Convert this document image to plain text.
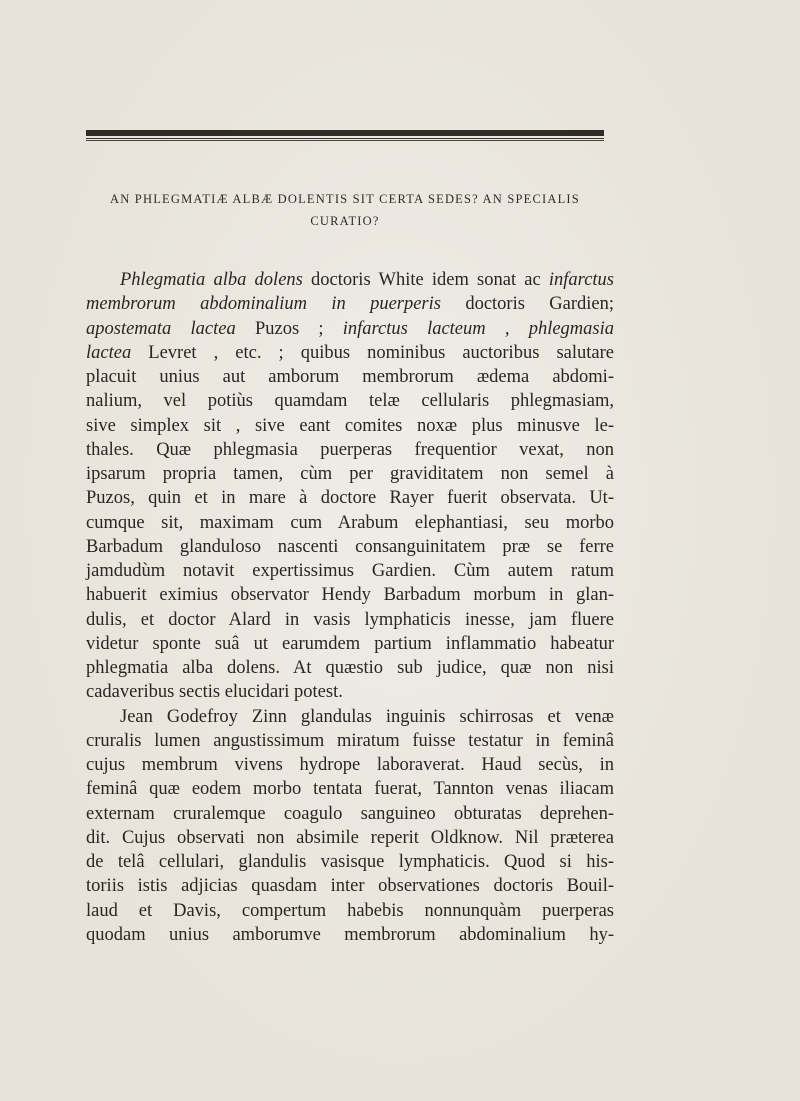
AN PHLEGMATIÆ ALBÆ DOLENTIS SIT CERTA SEDES? AN SPECIALIS
CURATIO?
Phlegmatia alba dolens doctoris White idem sonat ac infarctus
membrorum abdominalium in puerperis doctoris Gardien;
apostemata lactea Puzos ; infarctus lacteum , phlegmasia
lactea Levret , etc. ; quibus nominibus auctoribus salutare
placuit unius aut amborum membrorum ædema abdomi-
nalium, vel potiùs quamdam telæ cellularis phlegmasiam,
sive simplex sit , sive eant comites noxæ plus minusve le-
thales. Quæ phlegmasia puerperas frequentior vexat, non
ipsarum propria tamen, cùm per graviditatem non semel à
Puzos, quin et in mare à doctore Rayer fuerit observata. Ut-
cumque sit, maximam cum Arabum elephantiasi, seu morbo
Barbadum glanduloso nascenti consanguinitatem præ se ferre
jamdudùm notavit expertissimus Gardien. Cùm autem ratum
habuerit eximius observator Hendy Barbadum morbum in glan-
dulis, et doctor Alard in vasis lymphaticis inesse, jam fluere
videtur sponte suâ ut earumdem partium inflammatio habeatur
phlegmatia alba dolens. At quæstio sub judice, quæ non nisi
cadaveribus sectis elucidari potest.
Jean Godefroy Zinn glandulas inguinis schirrosas et venæ
cruralis lumen angustissimum miratum fuisse testatur in feminâ
cujus membrum vivens hydrope laboraverat. Haud secùs, in
feminâ quæ eodem morbo tentata fuerat, Tannton venas iliacam
externam cruralemque coagulo sanguineo obturatas deprehen-
dit. Cujus observati non absimile reperit Oldknow. Nil præterea
de telâ cellulari, glandulis vasisque lymphaticis. Quod si his-
toriis istis adjicias quasdam inter observationes doctoris Bouil-
laud et Davis, compertum habebis nonnunquàm puerperas
quodam unius amborumve membrorum abdominalium hy-
